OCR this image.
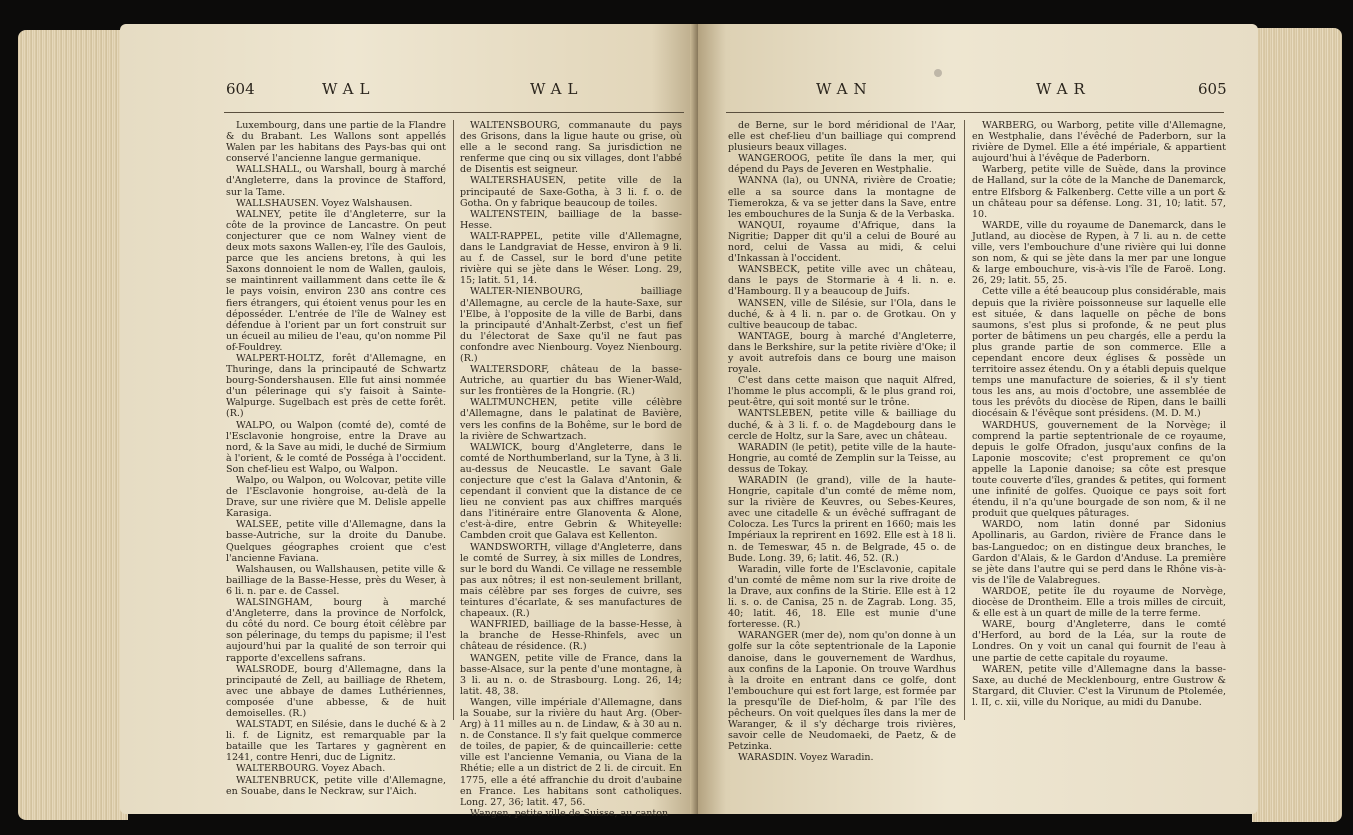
604	WAL	WAL

Luxembourg, dans une partie de la Flandre & du Brabant. Les Wallons sont appellés Walen par les habitans des Pays-bas qui ont conservé l'ancienne langue germanique.

WALLSHALL, ou Warshall, bourg à marché d'Angleterre, dans la province de Stafford, sur la Tame.

WALLSHAUSEN. Voyez Walshausen.

WALNEY, petite île d'Angleterre, sur la côte de la province de Lancastre. On peut conjecturer que ce nom Walney vient de deux mots saxons Wallen-ey, l'île des Gaulois, parce que les anciens bretons, à qui les Saxons donnoient le nom de Wallen, gaulois, se maintinrent vaillamment dans cette île & le pays voisin, environ 230 ans contre ces fiers étrangers, qui étoient venus pour les en déposséder. L'entrée de l'île de Walney est défendue à l'orient par un fort construit sur un écueil au milieu de l'eau, qu'on nomme Pil of-Fouldrey.

WALPERT-HOLTZ, forêt d'Allemagne, en Thuringe, dans la principauté de Schwartz bourg-Sondershausen. Elle fut ainsi nommée d'un pélerinage qui s'y faisoit à Sainte-Walpurge. Sugelbach est près de cette forêt. (R.)

WALPO, ou Walpon (comté de), comté de l'Esclavonie hongroise, entre la Drave au nord, & la Save au midi, le duché de Sirmium à l'orient, & le comté de Posséga à l'occident. Son chef-lieu est Walpo, ou Walpon.

Walpo, ou Walpon, ou Wolcovar, petite ville de l'Esclavonie hongroise, au-delà de la Drave, sur une rivière que M. Delisle appelle Karasiga.

WALSEE, petite ville d'Allemagne, dans la basse-Autriche, sur la droite du Danube. Quelques géographes croient que c'est l'ancienne Faviana.

Walshausen, ou Wallshausen, petite ville & bailliage de la Basse-Hesse, près du Weser, à 6 li. n. par e. de Cassel.

WALSINGHAM, bourg à marché d'Angleterre, dans la province de Norfolck, du côté du nord. Ce bourg étoit célèbre par son pélerinage, du temps du papisme; il l'est aujourd'hui par la qualité de son terroir qui rapporte d'excellens safrans.

WALSRODE, bourg d'Allemagne, dans la principauté de Zell, au bailliage de Rhetem, avec une abbaye de dames Luthériennes, composée d'une abbesse, & de huit demoiselles. (R.)

WALSTADT, en Silésie, dans le duché & à 2 li. f. de Lignitz, est remarquable par la bataille que les Tartares y gagnèrent en 1241, contre Henri, duc de Lignitz.

WALTERBOURG. Voyez Abach.

WALTENBRUCK, petite ville d'Allemagne, en Souabe, dans le Neckraw, sur l'Aich.

WALTENSBOURG, commanaute du pays des Grisons, dans la ligue haute ou grise, où elle a le second rang. Sa jurisdiction ne renferme que cinq ou six villages, dont l'abbé de Disentis est seigneur.

WALTERSHAUSEN, petite ville de la principauté de Saxe-Gotha, à 3 li. f. o. de Gotha. On y fabrique beaucoup de toiles.

WALTENSTEIN, bailliage de la basse-Hesse.

WALT-RAPPEL, petite ville d'Allemagne, dans le Landgraviat de Hesse, environ à 9 li. au f. de Cassel, sur le bord d'une petite rivière qui se jète dans le Wéser. Long. 29, 15; latit. 51, 14.

WALTER-NIENBOURG, bailliage d'Allemagne, au cercle de la haute-Saxe, sur l'Elbe, à l'opposite de la ville de Barbi, dans la principauté d'Anhalt-Zerbst, c'est un fief du l'électorat de Saxe qu'il ne faut pas confondre avec Nienbourg. Voyez Nienbourg. (R.)

WALTERSDORF, château de la basse-Autriche, au quartier du bas Wiener-Wald, sur les frontières de la Hongrie. (R.)

WALTMUNCHEN, petite ville célèbre d'Allemagne, dans le palatinat de Bavière, vers les confins de la Bohême, sur le bord de la rivière de Schwartzach.

WALWICK, bourg d'Angleterre, dans le comté de Northumberland, sur la Tyne, à 3 li. au-dessus de Neucastle. Le savant Gale conjecture que c'est la Galava d'Antonin, & cependant il convient que la distance de ce lieu ne convient pas aux chiffres marqués dans l'itinéraire entre Glanoventa & Alone, c'est-à-dire, entre Gebrin & Whiteyelle: Cambden croit que Galava est Kellenton.

WANDSWORTH, village d'Angleterre, dans le comté de Surrey, à six milles de Londres, sur le bord du Wandi. Ce village ne ressemble pas aux nôtres; il est non-seulement brillant, mais célèbre par ses forges de cuivre, ses teintures d'écarlate, & ses manufactures de chapeaux. (R.)

WANFRIED, bailliage de la basse-Hesse, à la branche de Hesse-Rhinfels, avec un château de résidence. (R.)

WANGEN, petite ville de France, dans la basse-Alsace, sur la pente d'une montagne, à 3 li. au n. o. de Strasbourg. Long. 26, 14; latit. 48, 38.

Wangen, ville impériale d'Allemagne, dans la Souabe, sur la rivière du haut Arg. (Ober-Arg) à 11 milles au n. de Lindaw, & à 30 au n. n. de Constance. Il s'y fait quelque commerce de toiles, de papier, & de quincaillerie: cette ville est l'ancienne Vemania, ou Viana de la Rhétie; elle a un district de 2 li. de circuit. En 1775, elle a été affranchie du droit d'aubaine en France. Les habitans sont catholiques. Long. 27, 36; latit. 47, 56.

Wangen, petite ville de Suisse, au canton

WAN	WAR	605

de Berne, sur le bord méridional de l'Aar, elle est chef-lieu d'un bailliage qui comprend plusieurs beaux villages.

WANGEROOG, petite île dans la mer, qui dépend du Pays de Jeveren en Westphalie.

WANNA (la), ou UNNA, rivière de Croatie; elle a sa source dans la montagne de Tiemerokza, & va se jetter dans la Save, entre les embouchures de la Sunja & de la Verbaska.

WANQUI, royaume d'Afrique, dans la Nigritie; Dapper dit qu'il a celui de Bouré au nord, celui de Vassa au midi, & celui d'Inkassan à l'occident.

WANSBECK, petite ville avec un château, dans le pays de Stormarie à 4 li. n. e. d'Hambourg. Il y a beaucoup de Juifs.

WANSEN, ville de Silésie, sur l'Ola, dans le duché, & à 4 li. n. par o. de Grotkau. On y cultive beaucoup de tabac.

WANTAGE, bourg à marché d'Angleterre, dans le Berkshire, sur la petite rivière d'Oke; il y avoit autrefois dans ce bourg une maison royale.

C'est dans cette maison que naquit Alfred, l'homme le plus accompli, & le plus grand roi, peut-être, qui soit monté sur le trône.

WANTSLEBEN, petite ville & bailliage du duché, & à 3 li. f. o. de Magdebourg dans le cercle de Holtz, sur la Sare, avec un château.

WARADIN (le petit), petite ville de la haute-Hongrie, au comté de Zemplin sur la Teisse, au dessus de Tokay.

WARADIN (le grand), ville de la haute-Hongrie, capitale d'un comté de même nom, sur la rivière de Keuvres, ou Sebes-Keures, avec une citadelle & un évêché suffragant de Colocza. Les Turcs la prirent en 1660; mais les Impériaux la reprirent en 1692. Elle est à 18 li. n. de Temeswar, 45 n. de Belgrade, 45 o. de Bude. Long. 39, 6; latit. 46, 52. (R.)

Waradin, ville forte de l'Esclavonie, capitale d'un comté de même nom sur la rive droite de la Drave, aux confins de la Stirie. Elle est à 12 li. s. o. de Canisa, 25 n. de Zagrab. Long. 35, 40; latit. 46, 18. Elle est munie d'une forteresse. (R.)

WARANGER (mer de), nom qu'on donne à un golfe sur la côte septentrionale de la Laponie danoise, dans le gouvernement de Wardhus, aux confins de la Laponie. On trouve Wardhus à la droite en entrant dans ce golfe, dont l'embouchure qui est fort large, est formée par la presqu'île de Dief-holm, & par l'île des pêcheurs. On voit quelques îles dans la mer de Waranger, & il s'y décharge trois rivières, savoir celle de Neudomaeki, de Paetz, & de Petzinka.

WARASDIN. Voyez Waradin.

WARBERG, ou Warborg, petite ville d'Allemagne, en Westphalie, dans l'évêché de Paderborn, sur la rivière de Dymel. Elle a été impériale, & appartient aujourd'hui à l'évêque de Paderborn.

Warberg, petite ville de Suède, dans la province de Halland, sur la côte de la Manche de Danemarck, entre Elfsborg & Falkenberg. Cette ville a un port & un château pour sa défense. Long. 31, 10; latit. 57, 10.

WARDE, ville du royaume de Danemarck, dans le Jutland, au diocèse de Rypen, à 7 li. au n. de cette ville, vers l'embouchure d'une rivière qui lui donne son nom, & qui se jète dans la mer par une longue & large embouchure, vis-à-vis l'île de Faroë. Long. 26, 29; latit. 55, 25.

Cette ville a été beaucoup plus considérable, mais depuis que la rivière poissonneuse sur laquelle elle est située, & dans laquelle on pêche de bons saumons, s'est plus si profonde, & ne peut plus porter de bâtimens un peu chargés, elle a perdu la plus grande partie de son commerce. Elle a cependant encore deux églises & possède un territoire assez étendu. On y a établi depuis quelque temps une manufacture de soieries, & il s'y tient tous les ans, au mois d'octobre, une assemblée de tous les prévôts du diocèse de Ripen, dans le bailli diocésain & l'évêque sont présidens. (M. D. M.)

WARDHUS, gouvernement de la Norvège; il comprend la partie septentrionale de ce royaume, depuis le golfe Ofradon, jusqu'aux confins de la Laponie moscovite; c'est proprement ce qu'on appelle la Laponie danoise; sa côte est presque toute couverte d'îles, grandes & petites, qui forment une infinité de golfes. Quoique ce pays soit fort étendu, il n'a qu'une bourgade de son nom, & il ne produit que quelques pâturages.

WARDO, nom latin donné par Sidonius Apollinaris, au Gardon, rivière de France dans le bas-Languedoc; on en distingue deux branches, le Gardon d'Alais, & le Gardon d'Anduse. La première se jète dans l'autre qui se perd dans le Rhône vis-à-vis de l'île de Valabregues.

WARDOE, petite île du royaume de Norvège, diocèse de Drontheim. Elle a trois milles de circuit, & elle est à un quart de mille de la terre ferme.

WARE, bourg d'Angleterre, dans le comté d'Herford, au bord de la Léa, sur la route de Londres. On y voit un canal qui fournit de l'eau à une partie de cette capitale du royaume.

WAREN, petite ville d'Allemagne dans la basse-Saxe, au duché de Mecklenbourg, entre Gustrow & Stargard, dit Cluvier. C'est la Virunum de Ptolemée, l. II, c. xii, ville du Norique, au midi du Danube.
